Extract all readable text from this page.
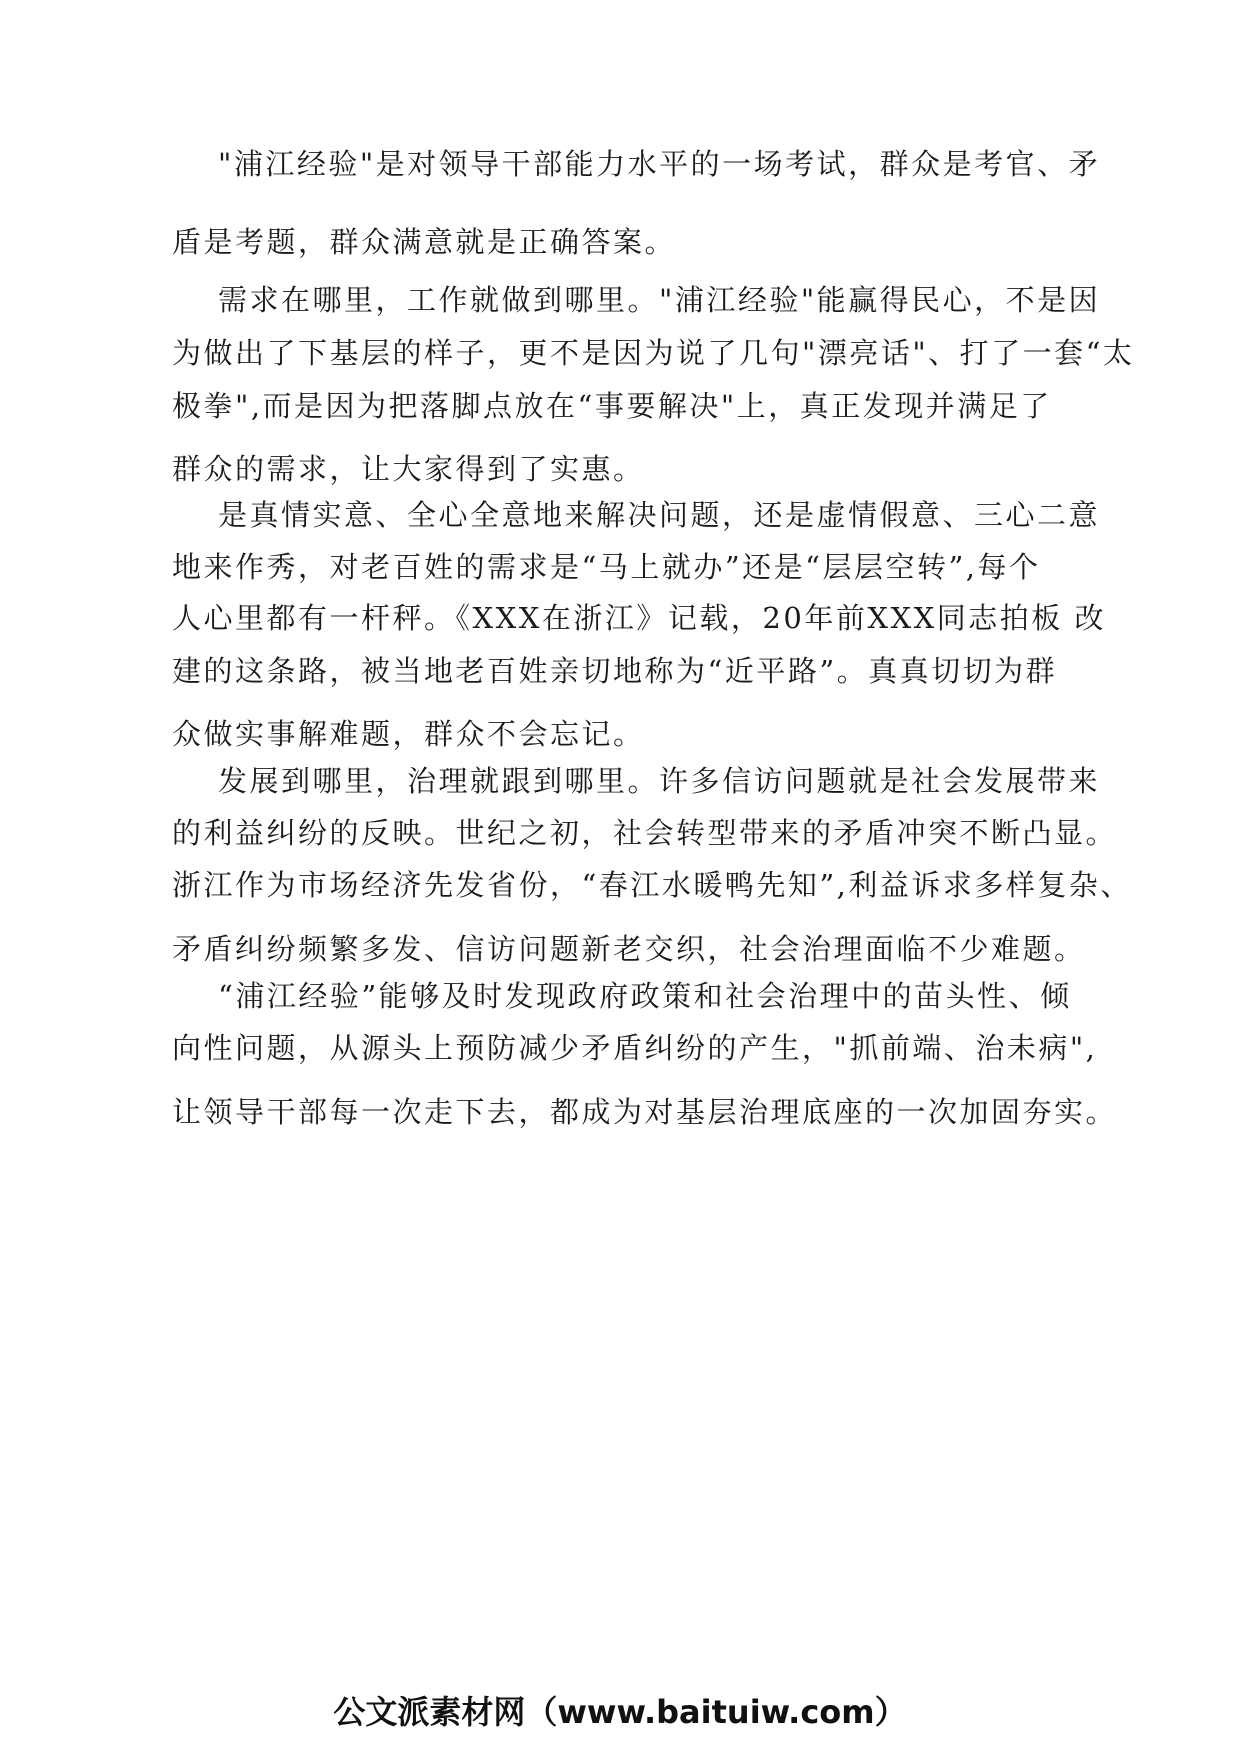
"浦江经验"是对领导干部能力水平的一场考试，群众是考官、矛
盾是考题，群众满意就是正确答案。
需求在哪里，工作就做到哪里。"浦江经验"能赢得民心，不是因
为做出了下基层的样子，更不是因为说了几句"漂亮话"、打了一套“太
极拳",而是因为把落脚点放在“事要解决"上，真正发现并满足了
群众的需求，让大家得到了实惠。
是真情实意、全心全意地来解决问题，还是虚情假意、三心二意
地来作秀，对老百姓的需求是“马上就办”还是“层层空转”,每个
人心里都有一杆秤。《XXX在浙江》记载，20年前XXX同志拍板 改
建的这条路，被当地老百姓亲切地称为“近平路”。真真切切为群
众做实事解难题，群众不会忘记。
发展到哪里，治理就跟到哪里。许多信访问题就是社会发展带来
的利益纠纷的反映。世纪之初，社会转型带来的矛盾冲突不断凸显。
浙江作为市场经济先发省份，“春江水暖鸭先知”,利益诉求多样复杂、
矛盾纠纷频繁多发、信访问题新老交织，社会治理面临不少难题。
“浦江经验”能够及时发现政府政策和社会治理中的苗头性、倾
向性问题，从源头上预防减少矛盾纠纷的产生，"抓前端、治未病",
让领导干部每一次走下去，都成为对基层治理底座的一次加固夯实。
公文派素材网（www.baituiw.com）
